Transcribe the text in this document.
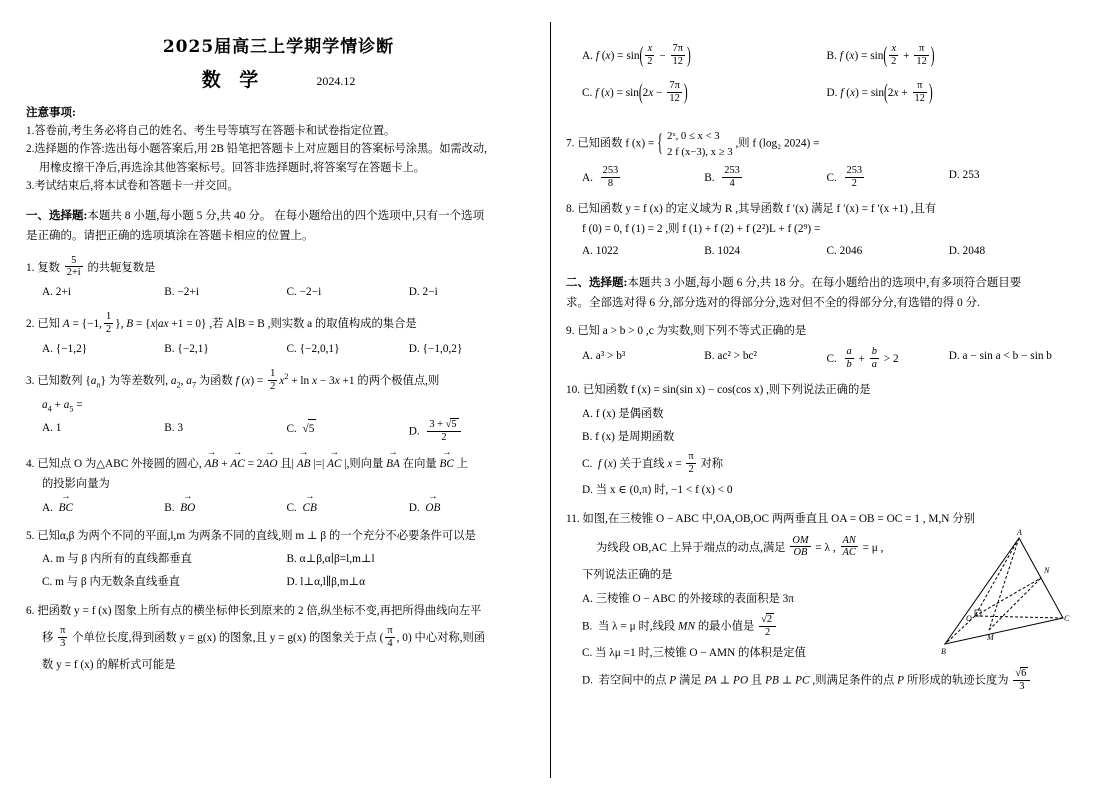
2025届高三上学期学情诊断
数 学	2024.12
注意事项:
1.答卷前,考生务必将自己的姓名、考生号等填写在答题卡和试卷指定位置。
2.选择题的作答:选出每小题答案后,用 2B 铅笔把答题卡上对应题目的答案标号涂黑。如需改动,
用橡皮擦干净后,再选涂其他答案标号。回答非选择题时,将答案写在答题卡上。
3.考试结束后,将本试卷和答题卡一并交回。
一、选择题:本题共 8 小题,每小题 5 分,共 40 分。 在每小题给出的四个选项中,只有一个选项
是正确的。请把正确的选项填涂在答题卡相应的位置上。
1. 复数 $\frac{5}{2+i}$ 的共轭复数是
A. 2+i	B. −2+i	C. −2−i	D. 2−i
2. 已知 A = {−1, $\frac{1}{2}$ }, B = {x|ax +1 = 0} ,若 A∣B = B ,则实数 a 的取值构成的集合是
A. {−1,2}	B. {−2,1}	C. {−2,0,1}	D. {−1,0,2}
3. 已知数列 $\{a_n\}$ 为等差数列, $a_2$, $a_7$ 为函数 f $(x) = \frac{1}{2} x^2 + \ln x - 3x +1$ 的两个极值点,则
$a_4 + a_5$ =
A. 1	B. 3	C.  √ 5	D. $\frac{3 + √ 5}{2}$
4. 已知点 O 为△ABC 外接圆的圆心, → AB + → AC = 2→ AO 且| → AB |=| → AC |,则向量 → BA 在向量 → BC 上
的投影向量为
A.  → BC	B.  → BO	C.  → CB	D.  → OB
5. 已知α,β 为两个不同的平面,l,m 为两条不同的直线,则 m ⊥ β 的一个充分不必要条件可以是
A. m 与 β 内所有的直线都垂直	B. α⊥β,α∣β=l,m⊥l
C. m 与 β 内无数条直线垂直	D. l⊥α,l∥β,m⊥α
6. 把函数 y = f (x) 图象上所有点的横坐标伸长到原来的 2 倍,纵坐标不变,再把所得曲线向左平
移 $\frac{\pi}{3}$ 个单位长度,得到函数 y = g(x) 的图象,且 y = g(x) 的图象关于点 ( $\frac{\pi}{4}$ , 0) 中心对称,则函
数 y = f (x) 的解析式可能是
A. f $(x) = \sin( \frac{x}{2} - \frac{7\pi}{12}$ )	B. f $(x) = \sin( \frac{x}{2} + \frac{\pi}{12}$ )
C. f $(x) = \sin(2x - \frac{7\pi}{12}$ )	D. f $(x) = \sin(2x + \frac{\pi}{12}$ )
7. 已知函数 f (x) =
{ 2ˣ, 0 ≤ x < 3
2 f (x−3), x ≥ 3
,则 f (log₂ 2024) =
A. $\frac{253}{8}$	B. $\frac{253}{4}$	C. $\frac{253}{2}$	D. 253
8. 已知函数 y = f (x) 的定义域为 R ,其导函数 f ′(x) 满足 f ′(x) = f ′(x +1) ,且有
f (0) = 0, f (1) = 2 ,则 f (1) + f (2) + f (2²)L + f (2⁹) =
A. 1022	B. 1024	C. 2046	D. 2048
二、选择题:本题共 3 小题,每小题 6 分,共 18 分。在每小题给出的选项中,有多项符合题目要
求。全部选对得 6 分,部分选对的得部分分,选对但不全的得部分分,有选错的得 0 分.
9. 已知 a > b > 0 ,c 为实数,则下列不等式正确的是
A. a³ > b³	B. ac² > bc²	C. $\frac{a}{b} + \frac{b}{a} > 2$	D. a − sin a < b − sin b
10. 已知函数 f (x) = sin(sin x) − cos(cos x) ,则下列说法正确的是
A. f (x) 是偶函数
B. f (x) 是周期函数
C.  f (x) 关于直线 $x = \frac{\pi}{2}$ 对称
D. 当 x ∈ (0,π) 时, −1 < f (x) < 0
11. 如图,在三棱锥 O − ABC 中,OA,OB,OC 两两垂直且 OA = OB = OC = 1 , M,N 分别
A
N
O
M
B
C
为线段 OB,AC 上异于端点的动点,满足 $\frac{OM}{OB} = \lambda$ , $\frac{AN}{AC} = \mu$ ,
下列说法正确的是
A. 三棱锥 O − ABC 的外接球的表面积是 3π
B.  当 λ = μ 时,线段 MN 的最小值是 √ $\frac{2}{2}$
C. 当 λμ =1 时,三棱锥 O − AMN 的体积是定值
D.  若空间中的点 P 满足 PA ⊥ PO 且 PB ⊥ PC ,则满足条件的点 P 所形成的轨迹长度为 √ $\frac{6}{3}$
